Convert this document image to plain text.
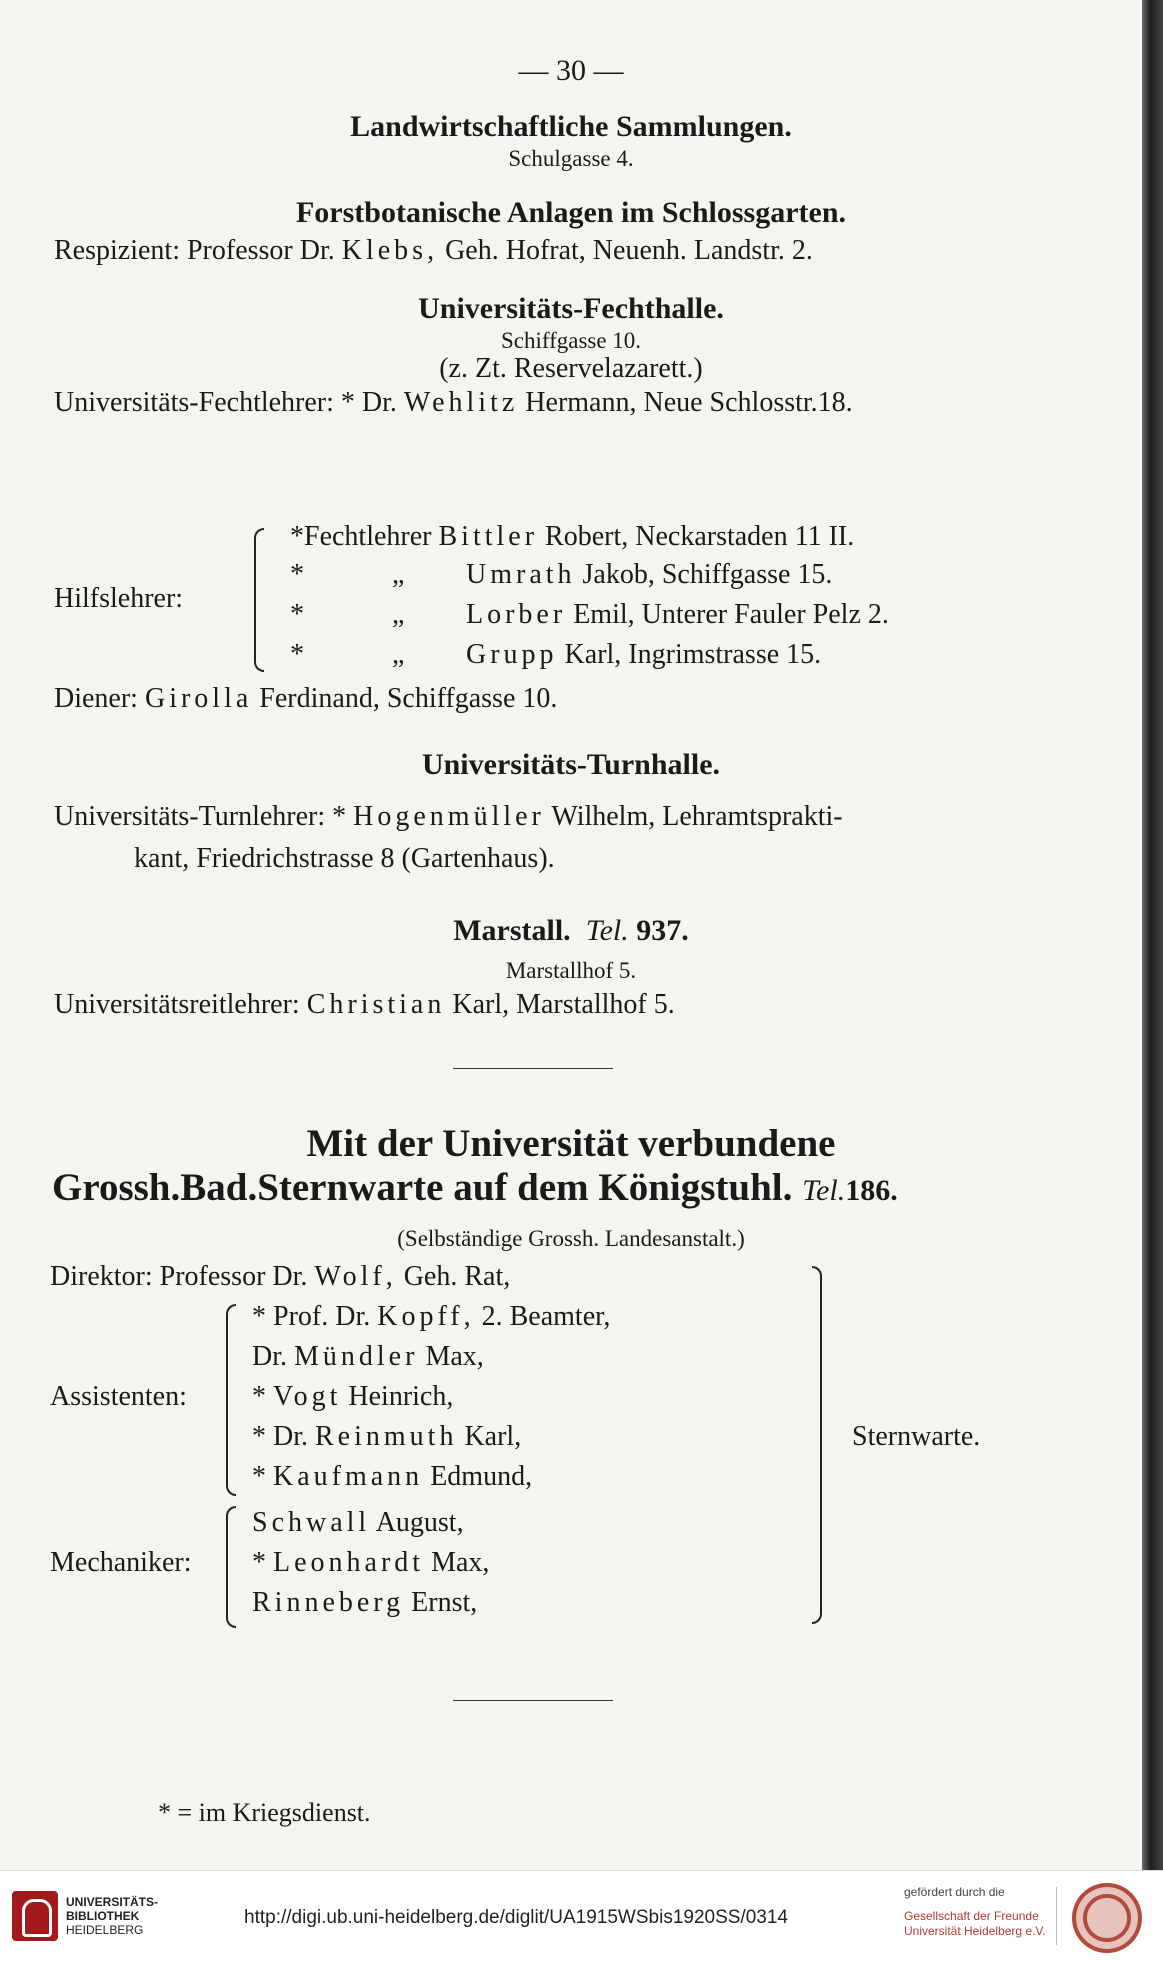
— 30 —
Landwirtschaftliche Sammlungen.
Schulgasse 4.
Forstbotanische Anlagen im Schlossgarten.
Respizient: Professor Dr. Klebs, Geh. Hofrat, Neuenh. Landstr. 2.
Universitäts-Fechthalle.
Schiffgasse 10.
(z. Zt. Reservelazarett.)
Universitäts-Fechtlehrer: * Dr. Wehlitz Hermann, Neue Schlosstr.18.
Hilfslehrer:
*Fechtlehrer Bittler Robert, Neckarstaden 11 II.
*	„ Umrath Jakob, Schiffgasse 15.
*	„ Lorber Emil, Unterer Fauler Pelz 2.
*	„ Grupp Karl, Ingrimstrasse 15.
Diener: Girolla Ferdinand, Schiffgasse 10.
Universitäts-Turnhalle.
Universitäts-Turnlehrer: * Hogenmüller Wilhelm, Lehramtsprakti-
kant, Friedrichstrasse 8 (Gartenhaus).
Marstall. Tel. 937.
Marstallhof 5.
Universitätsreitlehrer: Christian Karl, Marstallhof 5.
Mit der Universität verbundene
Grossh.Bad.Sternwarte auf dem Königstuhl. Tel.186.
(Selbständige Grossh. Landesanstalt.)
Direktor: Professor Dr. Wolf, Geh. Rat,
Assistenten:
* Prof. Dr. Kopff, 2. Beamter,
Dr. Mündler Max,
* Vogt Heinrich,
* Dr. Reinmuth Karl,
* Kaufmann Edmund,
Mechaniker:
Schwall August,
* Leonhardt Max,
Rinneberg Ernst,
Sternwarte.
* = im Kriegsdienst.
UNIVERSITÄTS-
BIBLIOTHEK
HEIDELBERG
http://digi.ub.uni-heidelberg.de/diglit/UA1915WSbis1920SS/0314
gefördert durch die
Gesellschaft der Freunde
Universität Heidelberg e.V.
